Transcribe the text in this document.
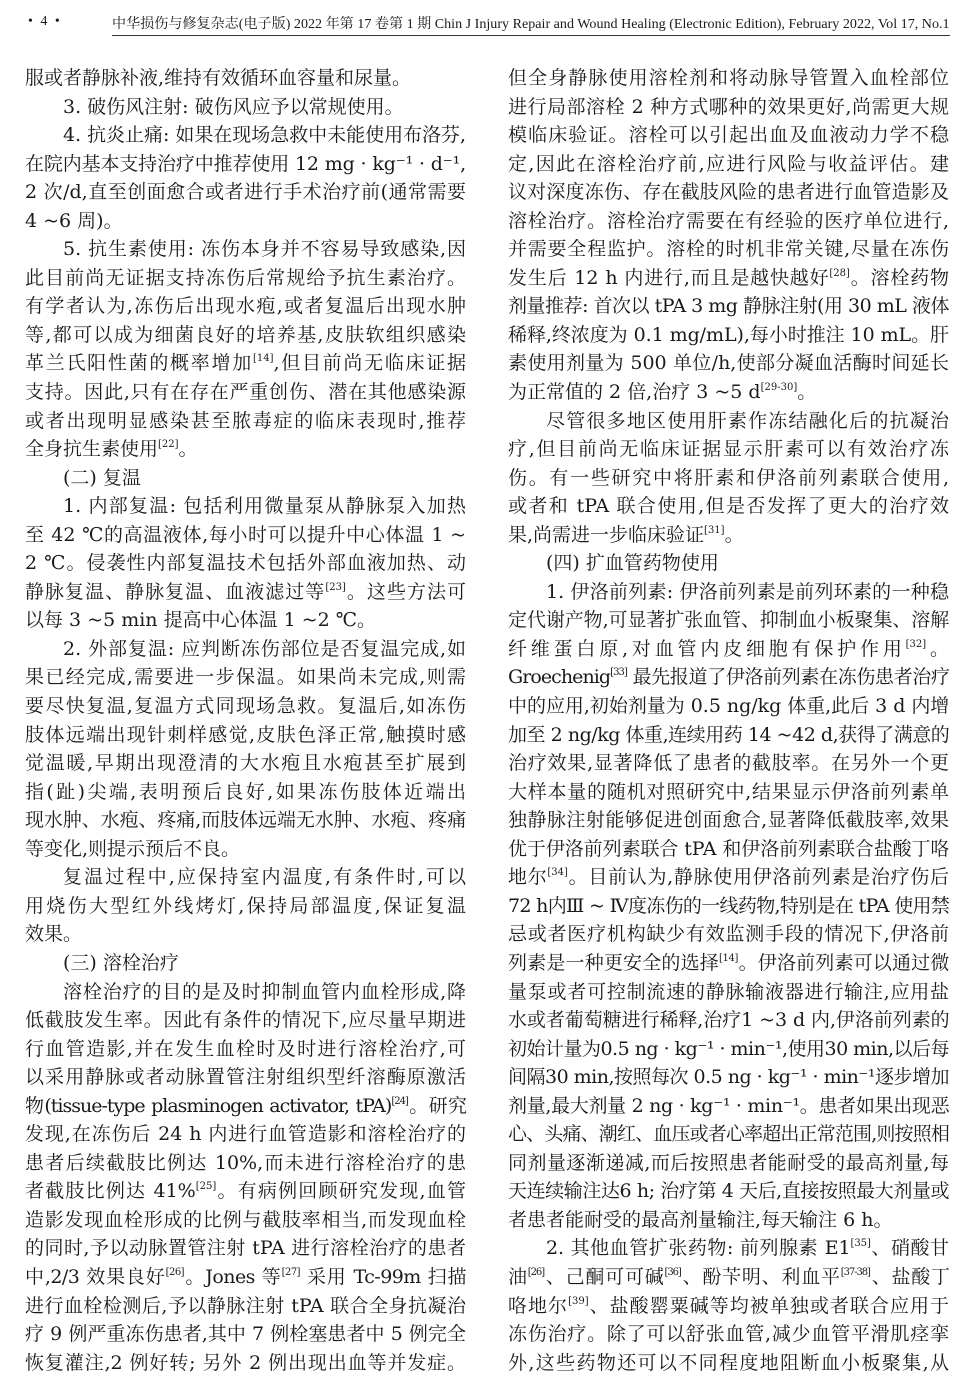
• 4 •	中华损伤与修复杂志(电子版) 2022 年第 17 卷第 1 期 Chin J Injury Repair and Wound Healing (Electronic Edition), February 2022, Vol 17, No.1
服或者静脉补液,维持有效循环血容量和尿量。
3. 破伤风注射: 破伤风应予以常规使用。
4. 抗炎止痛: 如果在现场急救中未能使用布洛芬,
在院内基本支持治疗中推荐使用 12 mg · kg⁻¹ · d⁻¹,
2 次/d,直至创面愈合或者进行手术治疗前(通常需要
4 ~6 周)。
5. 抗生素使用: 冻伤本身并不容易导致感染,因
此目前尚无证据支持冻伤后常规给予抗生素治疗。
有学者认为,冻伤后出现水疱,或者复温后出现水肿
等,都可以成为细菌良好的培养基,皮肤软组织感染
革兰氏阳性菌的概率增加[14],但目前尚无临床证据
支持。因此,只有在存在严重创伤、潜在其他感染源
或者出现明显感染甚至脓毒症的临床表现时,推荐
全身抗生素使用[22]。
(二) 复温
1. 内部复温: 包括利用微量泵从静脉泵入加热
至 42 ℃的高温液体,每小时可以提升中心体温 1 ~
2 ℃。侵袭性内部复温技术包括外部血液加热、动
静脉复温、静脉复温、血液滤过等[23]。这些方法可
以每 3 ~5 min 提高中心体温 1 ~2 ℃。
2. 外部复温: 应判断冻伤部位是否复温完成,如
果已经完成,需要进一步保温。如果尚未完成,则需
要尽快复温,复温方式同现场急救。复温后,如冻伤
肢体远端出现针刺样感觉,皮肤色泽正常,触摸时感
觉温暖,早期出现澄清的大水疱且水疱甚至扩展到
指(趾)尖端,表明预后良好,如果冻伤肢体近端出
现水肿、水疱、疼痛,而肢体远端无水肿、水疱、疼痛
等变化,则提示预后不良。
复温过程中,应保持室内温度,有条件时,可以
用烧伤大型红外线烤灯,保持局部温度,保证复温
效果。
(三) 溶栓治疗
溶栓治疗的目的是及时抑制血管内血栓形成,降
低截肢发生率。因此有条件的情况下,应尽量早期进
行血管造影,并在发生血栓时及时进行溶栓治疗,可
以采用静脉或者动脉置管注射组织型纤溶酶原激活
物(tissue-type plasminogen activator, tPA)[24]。研究
发现,在冻伤后 24 h 内进行血管造影和溶栓治疗的
患者后续截肢比例达 10%,而未进行溶栓治疗的患
者截肢比例达 41%[25]。有病例回顾研究发现,血管
造影发现血栓形成的比例与截肢率相当,而发现血栓
的同时,予以动脉置管注射 tPA 进行溶栓治疗的患者
中,2/3 效果良好[26]。Jones 等[27] 采用 Tc-99m 扫描
进行血栓检测后,予以静脉注射 tPA 联合全身抗凝治
疗 9 例严重冻伤患者,其中 7 例栓塞患者中 5 例完全
恢复灌注,2 例好转; 另外 2 例出现出血等并发症。
但全身静脉使用溶栓剂和将动脉导管置入血栓部位
进行局部溶栓 2 种方式哪种的效果更好,尚需更大规
模临床验证。溶栓可以引起出血及血液动力学不稳
定,因此在溶栓治疗前,应进行风险与收益评估。建
议对深度冻伤、存在截肢风险的患者进行血管造影及
溶栓治疗。溶栓治疗需要在有经验的医疗单位进行,
并需要全程监护。溶栓的时机非常关键,尽量在冻伤
发生后 12 h 内进行,而且是越快越好[28]。溶栓药物
剂量推荐: 首次以 tPA 3 mg 静脉注射(用 30 mL 液体
稀释,终浓度为 0.1 mg/mL),每小时推注 10 mL。肝
素使用剂量为 500 单位/h,使部分凝血活酶时间延长
为正常值的 2 倍,治疗 3 ~5 d[29-30]。
尽管很多地区使用肝素作冻结融化后的抗凝治
疗,但目前尚无临床证据显示肝素可以有效治疗冻
伤。有一些研究中将肝素和伊洛前列素联合使用,
或者和 tPA 联合使用,但是否发挥了更大的治疗效
果,尚需进一步临床验证[31]。
(四) 扩血管药物使用
1. 伊洛前列素: 伊洛前列素是前列环素的一种稳
定代谢产物,可显著扩张血管、抑制血小板聚集、溶解
纤维蛋白原,对血管内皮细胞有保护作用[32]。
Groechenig[33] 最先报道了伊洛前列素在冻伤患者治疗
中的应用,初始剂量为 0.5 ng/kg 体重,此后 3 d 内增
加至 2 ng/kg 体重,连续用药 14 ~42 d,获得了满意的
治疗效果,显著降低了患者的截肢率。在另外一个更
大样本量的随机对照研究中,结果显示伊洛前列素单
独静脉注射能够促进创面愈合,显著降低截肢率,效果
优于伊洛前列素联合 tPA 和伊洛前列素联合盐酸丁咯
地尔[34]。目前认为,静脉使用伊洛前列素是治疗伤后
72 h内Ⅲ ~ Ⅳ度冻伤的一线药物,特别是在 tPA 使用禁
忌或者医疗机构缺少有效监测手段的情况下,伊洛前
列素是一种更安全的选择[14]。伊洛前列素可以通过微
量泵或者可控制流速的静脉输液器进行输注,应用盐
水或者葡萄糖进行稀释,治疗1 ~3 d 内,伊洛前列素的
初始计量为0.5 ng · kg⁻¹ · min⁻¹,使用30 min,以后每
间隔30 min,按照每次 0.5 ng · kg⁻¹ · min⁻¹逐步增加
剂量,最大剂量 2 ng · kg⁻¹ · min⁻¹。患者如果出现恶
心、头痛、潮红、血压或者心率超出正常范围,则按照相
同剂量逐渐递减,而后按照患者能耐受的最高剂量,每
天连续输注达6 h; 治疗第 4 天后,直接按照最大剂量或
者患者能耐受的最高剂量输注,每天输注 6 h。
2. 其他血管扩张药物: 前列腺素 E1[35]、硝酸甘
油[26]、己酮可可碱[36]、酚苄明、利血平[37-38]、盐酸丁
咯地尔[39]、盐酸罂粟碱等均被单独或者联合应用于
冻伤治疗。除了可以舒张血管,减少血管平滑肌痉挛
外,这些药物还可以不同程度地阻断血小板聚集,从
